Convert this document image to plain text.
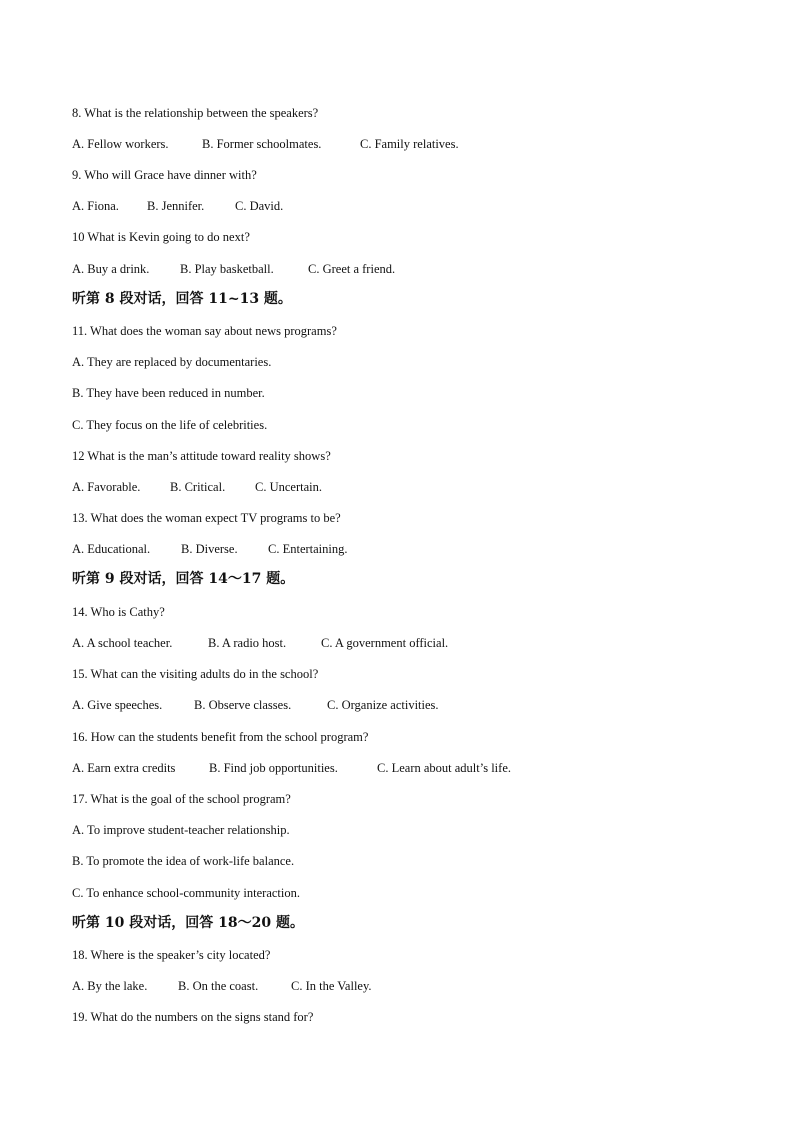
8. What is the relationship between the speakers?
A. Fellow workers.	B. Former schoolmates.	C. Family relatives.
9. Who will Grace have dinner with?
A. Fiona. B. Jennifer. C. David.
10 What is Kevin going to do next?
A. Buy a drink. B. Play basketball.	C. Greet a friend.
听第 8 段对话，回答 11~13 题。
11. What does the woman say about news programs?
A. They are replaced by documentaries.
B. They have been reduced in number.
C. They focus on the life of celebrities.
12 What is the man’s attitude toward reality shows?
A. Favorable. B. Critical. C. Uncertain.
13. What does the woman expect TV programs to be?
A. Educational. B. Diverse. C. Entertaining.
听第 9 段对话，回答 14～17 题。
14. Who is Cathy?
A. A school teacher.	B. A radio host.	C. A government official.
15. What can the visiting adults do in the school?
A. Give speeches.	B. Observe classes.	C. Organize activities.
16. How can the students benefit from the school program?
A. Earn extra credits	B. Find job opportunities.	C. Learn about adult’s life.
17. What is the goal of the school program?
A. To improve student-teacher relationship.
B. To promote the idea of work-life balance.
C. To enhance school-community interaction.
听第 10 段对话，回答 18～20 题。
18. Where is the speaker’s city located?
A. By the lake. B. On the coast.	C. In the Valley.
19. What do the numbers on the signs stand for?
